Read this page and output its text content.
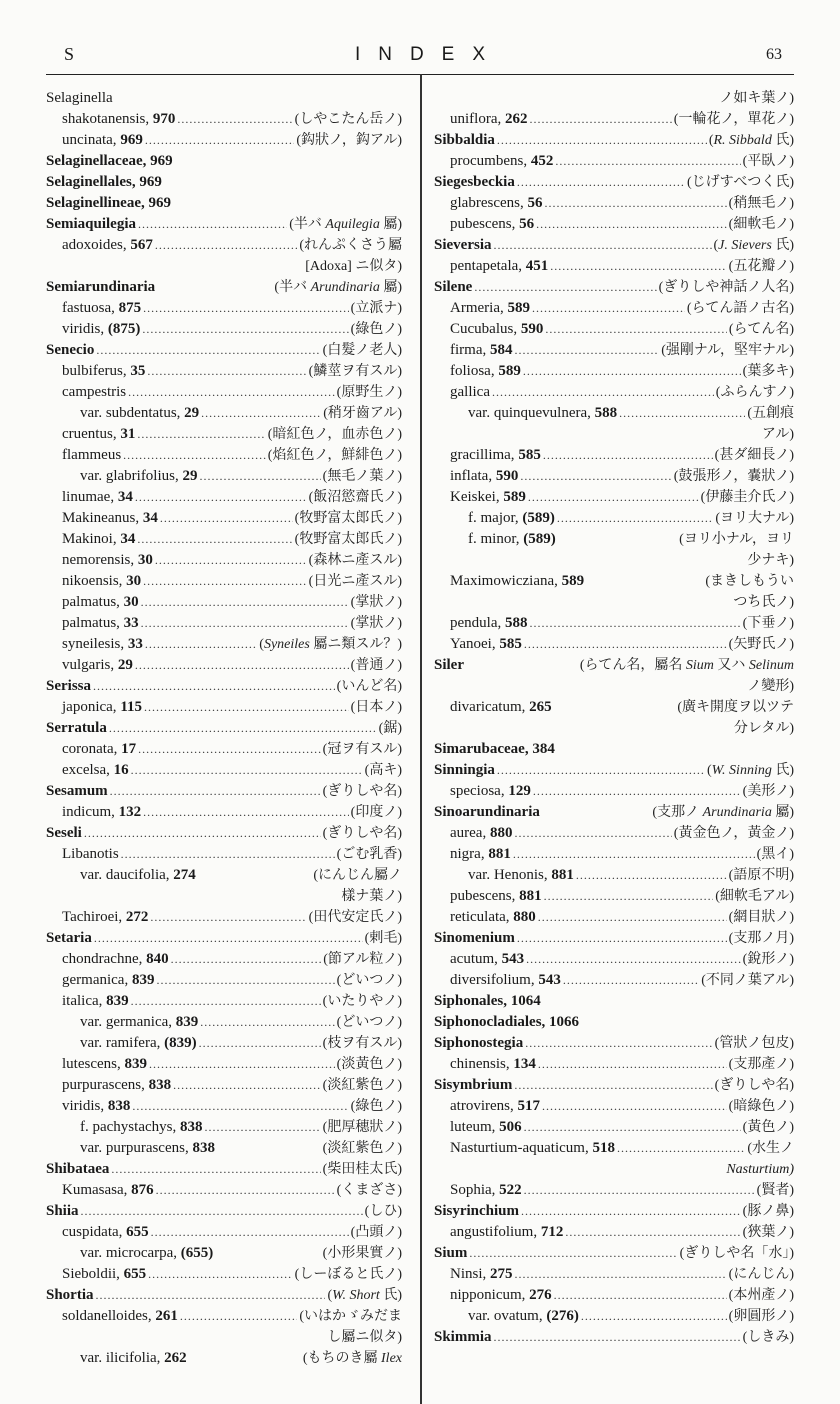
S	INDEX	63
Selaginella
shakotanensis, 970 .....	(しやこたん岳ノ)
uncinata, 969 .....	(鈎狀ノ，鈎アル)
Selaginellaceae, 969
Selaginellales, 969
Selaginellineae, 969
Semiaquilegia .....	(半バ Aquilegia 屬)
adoxoides, 567 .....	(れんぷくさう屬
[Adoxa] ニ似タ)
Semiarundinaria	(半バ Arundinaria 屬)
fastuosa, 875 .....	(立派ナ)
viridis, (875) .....	(綠色ノ)
Senecio .....	(白髮ノ老人)
bulbiferus, 35 .....	(鱗莖ヲ有スル)
campestris .....	(原野生ノ)
var. subdentatus, 29 .....	(稍牙齒アル)
cruentus, 31 .....	(暗紅色ノ，血赤色ノ)
flammeus .....	(焰紅色ノ，鮮緋色ノ)
var. glabrifolius, 29 .....	(無毛ノ葉ノ)
linumae, 34 .....	(飯沼慾齋氏ノ)
Makineanus, 34 .....	(牧野富太郎氏ノ)
Makinoi, 34 .....	(牧野富太郎氏ノ)
nemorensis, 30 .....	(森林ニ產スル)
nikoensis, 30 .....	(日光ニ產スル)
palmatus, 30 .....	(掌狀ノ)
palmatus, 33 .....	(掌狀ノ)
syneilesis, 33 .....	(Syneiles 屬ニ類スル？)
vulgaris, 29 .....	(普通ノ)
Serissa .....	(いんど名)
japonica, 115 .....	(日本ノ)
Serratula .....	(鋸)
coronata, 17 .....	(冠ヲ有スル)
excelsa, 16 .....	(高キ)
Sesamum .....	(ぎりしや名)
indicum, 132 .....	(印度ノ)
Seseli .....	(ぎりしや名)
Libanotis .....	(ごむ乳香)
var. daucifolia, 274	(にんじん屬ノ
樣ナ葉ノ)
Tachiroei, 272 .....	(田代安定氏ノ)
Setaria .....	(剌毛)
chondrachne, 840 .....	(節アル粒ノ)
germanica, 839 .....	(どいつノ)
italica, 839 .....	(いたりやノ)
var. germanica, 839 .....	(どいつノ)
var. ramifera, (839) .....	(枝ヲ有スル)
lutescens, 839 .....	(淡黃色ノ)
purpurascens, 838 .....	(淡紅紫色ノ)
viridis, 838 .....	(綠色ノ)
f. pachystachys, 838 .....	(肥厚穗狀ノ)
var. purpurascens, 838	(淡紅紫色ノ)
Shibataea .....	(柴田桂太氏)
Kumasasa, 876 .....	(くまざさ)
Shiia .....	(しひ)
cuspidata, 655 .....	(凸頭ノ)
var. microcarpa, (655)	(小形果實ノ)
Sieboldii, 655 .....	(しーぼると氏ノ)
Shortia .....	(W. Short 氏)
soldanelloides, 261 .....	(いはかゞみだま
し屬ニ似タ)
var. ilicifolia, 262	(もちのき屬 Ilex
ノ如キ葉ノ)
uniflora, 262 .....	(一輪花ノ，單花ノ)
Sibbaldia .....	(R. Sibbald 氏)
procumbens, 452 .....	(平臥ノ)
Siegesbeckia .....	(じげすべつく氏)
glabrescens, 56 .....	(稍無毛ノ)
pubescens, 56 .....	(細軟毛ノ)
Sieversia .....	(J. Sievers 氏)
pentapetala, 451 .....	(五花瓣ノ)
Silene .....	(ぎりしや神話ノ人名)
Armeria, 589 .....	(らてん語ノ古名)
Cucubalus, 590 .....	(らてん名)
firma, 584 .....	(强剛ナル，堅牢ナル)
foliosa, 589 .....	(葉多キ)
gallica .....	(ふらんすノ)
var. quinquevulnera, 588 .....	(五創痕
アル)
gracillima, 585 .....	(甚ダ細長ノ)
inflata, 590 .....	(鼓張形ノ，嚢狀ノ)
Keiskei, 589 .....	(伊藤圭介氏ノ)
f. major, (589) .....	(ヨリ大ナル)
f. minor, (589)	(ヨリ小ナル，ヨリ
少ナキ)
Maximowicziana, 589	(まきしもうい
つち氏ノ)
pendula, 588 .....	(下垂ノ)
Yanoei, 585 .....	(矢野氏ノ)
Siler	(らてん名，屬名 Sium 又ハ Selinum
ノ變形)
divaricatum, 265	(廣キ開度ヲ以ツテ
分レタル)
Simarubaceae, 384
Sinningia .....	(W. Sinning 氏)
speciosa, 129 .....	(美形ノ)
Sinoarundinaria	(支那ノ Arundinaria 屬)
aurea, 880 .....	(黃金色ノ，黃金ノ)
nigra, 881 .....	(黑イ)
var. Henonis, 881 .....	(語原不明)
pubescens, 881 .....	(細軟毛アル)
reticulata, 880 .....	(網目狀ノ)
Sinomenium .....	(支那ノ月)
acutum, 543 .....	(銳形ノ)
diversifolium, 543 .....	(不同ノ葉アル)
Siphonales, 1064
Siphonocladiales, 1066
Siphonostegia .....	(管狀ノ包皮)
chinensis, 134 .....	(支那產ノ)
Sisymbrium .....	(ぎりしや名)
atrovirens, 517 .....	(暗綠色ノ)
luteum, 506 .....	(黃色ノ)
Nasturtium-aquaticum, 518 .....	(水生ノ
Nasturtium)
Sophia, 522 .....	(賢者)
Sisyrinchium .....	(豚ノ鼻)
angustifolium, 712 .....	(狹葉ノ)
Sium .....	(ぎりしや名「水」)
Ninsi, 275 .....	(にんじん)
nipponicum, 276 .....	(本州產ノ)
var. ovatum, (276) .....	(卵圓形ノ)
Skimmia .....	(しきみ)
